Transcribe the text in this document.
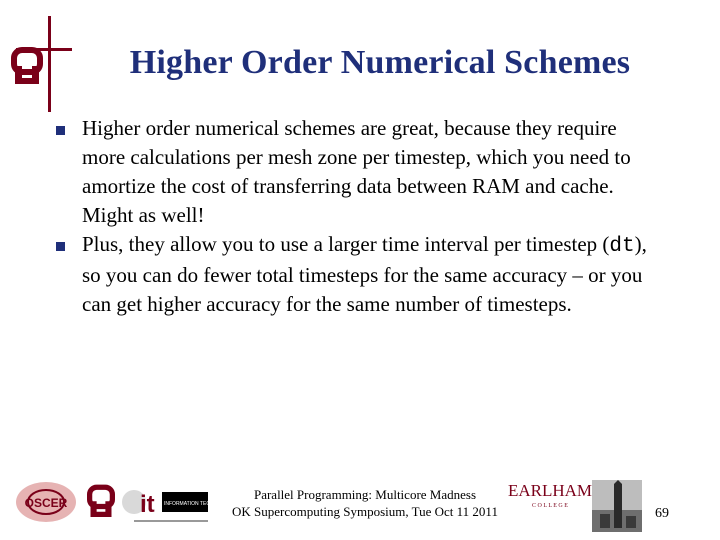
Higher Order Numerical Schemes
Higher order numerical schemes are great, because they require more calculations per mesh zone per timestep, which you need to amortize the cost of transferring data between RAM and cache. Might as well!
Plus, they allow you to use a larger time interval per timestep (dt), so you can do fewer total timesteps for the same accuracy – or you can get higher accuracy for the same number of timesteps.
OSCER	it INFORMATION TECHNOLOGY
Parallel Programming: Multicore Madness
OK Supercomputing Symposium, Tue Oct 11 2011
EARLHAM
C O L L E G E	69
